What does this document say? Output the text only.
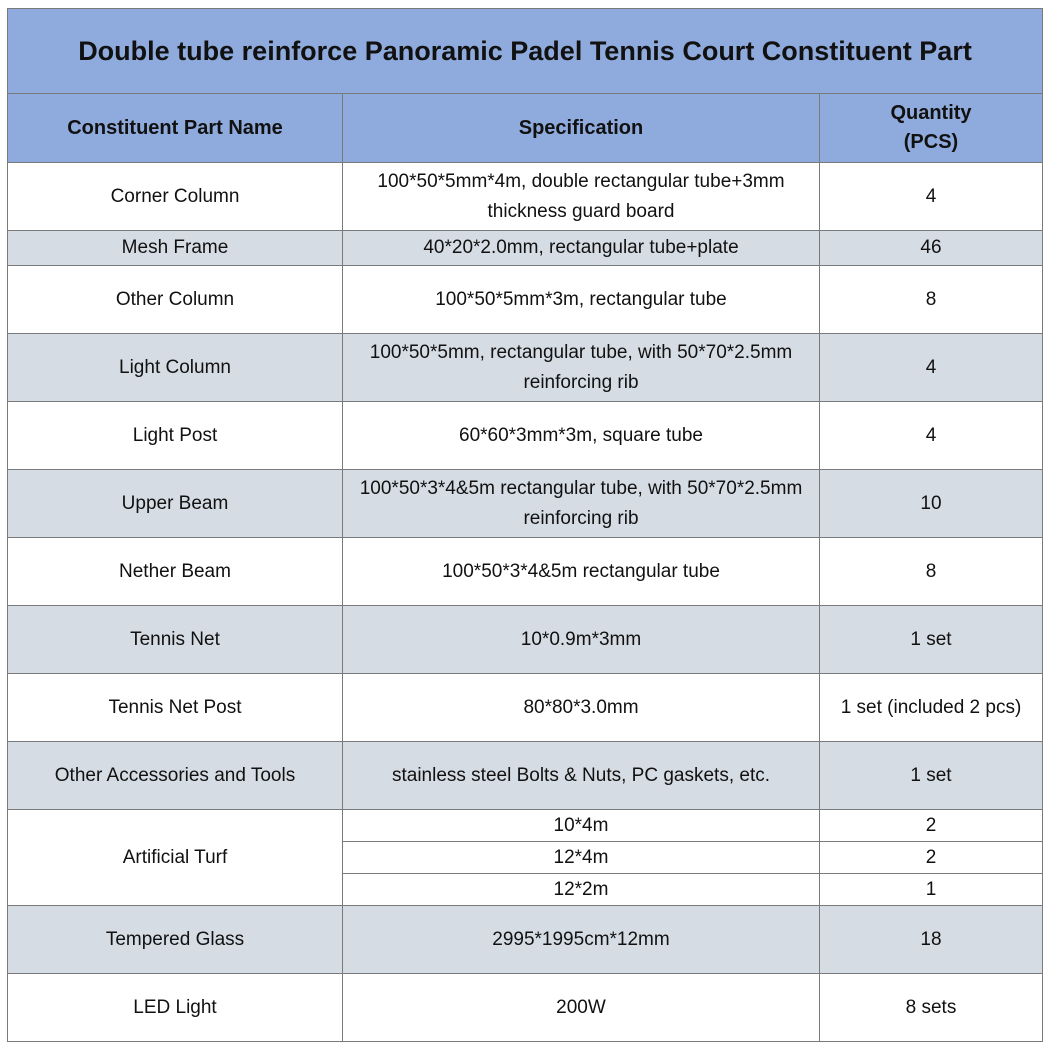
Double tube reinforce Panoramic Padel Tennis Court Constituent Part		
Constituent Part Name	Specification	Quantity
(PCS)
Corner Column	100*50*5mm*4m, double rectangular tube+3mm thickness guard board	4
Mesh Frame	40*20*2.0mm, rectangular tube+plate	46
Other Column	100*50*5mm*3m, rectangular tube	8
Light Column	100*50*5mm, rectangular tube, with 50*70*2.5mm reinforcing rib	4
Light Post	60*60*3mm*3m, square tube	4
Upper Beam	100*50*3*4&5m rectangular tube, with 50*70*2.5mm reinforcing rib	10
Nether Beam	100*50*3*4&5m rectangular tube	8
Tennis Net	10*0.9m*3mm	1 set
Tennis Net Post	80*80*3.0mm	1 set (included 2 pcs)
Other Accessories and Tools	stainless steel Bolts & Nuts, PC gaskets, etc.	1 set
Artificial Turf	10*4m	2
	12*4m	2
	12*2m	1
Tempered Glass	2995*1995cm*12mm	18
LED Light	200W	8 sets
